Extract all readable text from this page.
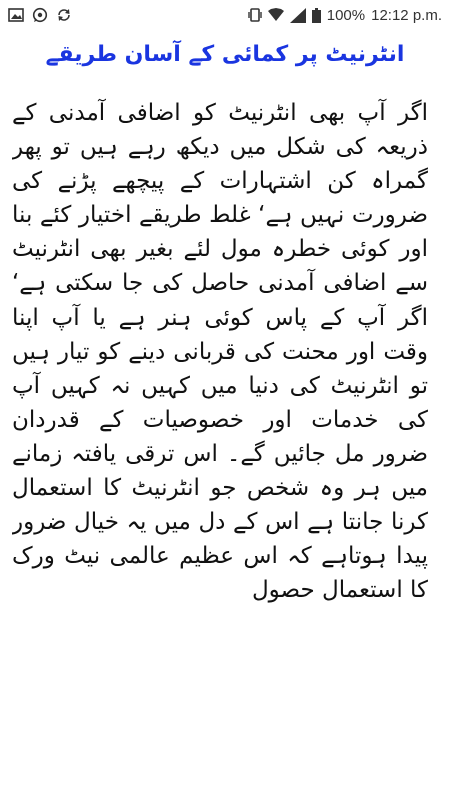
100% 12:12 p.m.
انٹرنیٹ پر کمائی کے آسان طریقے

اگر آپ بھی انٹرنیٹ کو اضافی آمدنی کے ذریعہ کی شکل میں دیکھ رہے ہیں تو پھر گمراہ کن اشتہارات کے پیچھے پڑنے کی ضرورت نہیں ہے‘ غلط طریقے اختیار کئے بنا اور کوئی خطرہ مول لئے بغیر بھی انٹرنیٹ سے اضافی آمدنی حاصل کی جا سکتی ہے‘ اگر آپ کے پاس کوئی ہنر ہے یا آپ اپنا وقت اور محنت کی قربانی دینے کو تیار ہیں تو انٹرنیٹ کی دنیا میں کہیں نہ کہیں آپ کی خدمات اور خصوصیات کے قدردان ضرور مل جائیں گے۔ اس ترقی یافتہ زمانے میں ہر وہ شخص جو انٹرنیٹ کا استعمال کرنا جانتا ہے اس کے دل میں یہ خیال ضرور پیدا ہوتاہے کہ اس عظیم عالمی نیٹ ورک کا استعمال حصول
